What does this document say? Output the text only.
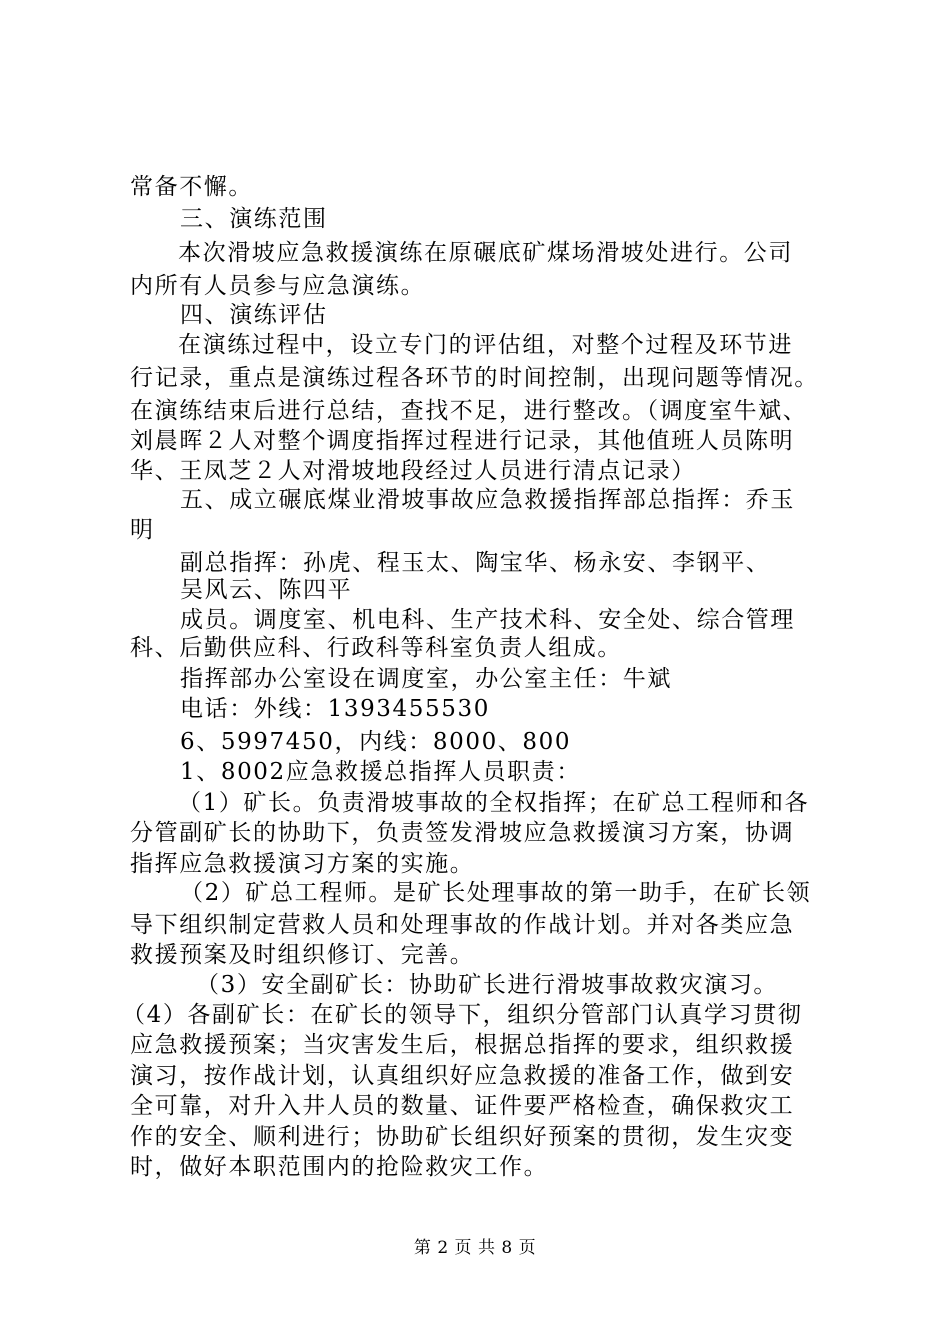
常备不懈。
三、演练范围
本次滑坡应急救援演练在原碾底矿煤场滑坡处进行。公司
内所有人员参与应急演练。
四、演练评估
在演练过程中，设立专门的评估组，对整个过程及环节进
行记录，重点是演练过程各环节的时间控制，出现问题等情况。
在演练结束后进行总结，查找不足，进行整改。（调度室牛斌、
刘晨晖２人对整个调度指挥过程进行记录，其他值班人员陈明
华、王凤芝２人对滑坡地段经过人员进行清点记录）
五、成立碾底煤业滑坡事故应急救援指挥部总指挥：乔玉
明
副总指挥：孙虎、程玉太、陶宝华、杨永安、李钢平、
吴风云、陈四平
成员。调度室、机电科、生产技术科、安全处、综合管理
科、后勤供应科、行政科等科室负责人组成。
指挥部办公室设在调度室，办公室主任：牛斌
电话：外线：1393455530
6、5997450，内线：8000、800
1、8002应急救援总指挥人员职责：
（1）矿长。负责滑坡事故的全权指挥；在矿总工程师和各
分管副矿长的协助下，负责签发滑坡应急救援演习方案，协调
指挥应急救援演习方案的实施。
（2）矿总工程师。是矿长处理事故的第一助手，在矿长领
导下组织制定营救人员和处理事故的作战计划。并对各类应急
救援预案及时组织修订、完善。
（3）安全副矿长：协助矿长进行滑坡事故救灾演习。
（4）各副矿长：在矿长的领导下，组织分管部门认真学习贯彻
应急救援预案；当灾害发生后，根据总指挥的要求，组织救援
演习，按作战计划，认真组织好应急救援的准备工作，做到安
全可靠，对升入井人员的数量、证件要严格检查，确保救灾工
作的安全、顺利进行；协助矿长组织好预案的贯彻，发生灾变
时，做好本职范围内的抢险救灾工作。
第 2 页 共 8 页
